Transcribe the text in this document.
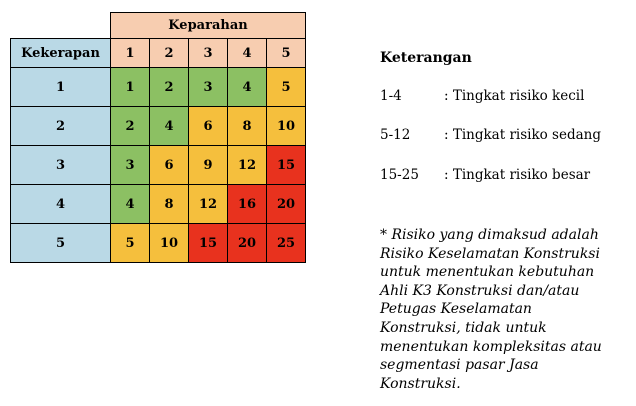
	Keparahan				
Kekerapan	1	2	3	4	5
1	1	2	3	4	5
2	2	4	6	8	10
3	3	6	9	12	15
4	4	8	12	16	20
5	5	10	15	20	25
Keterangan
1-4	: Tingkat risiko kecil
5-12 : Tingkat risiko sedang
15-25 : Tingkat risiko besar
* Risiko yang dimaksud adalah
Risiko Keselamatan Konstruksi
untuk menentukan kebutuhan
Ahli K3 Konstruksi dan/atau
Petugas Keselamatan
Konstruksi, tidak untuk
menentukan kompleksitas atau
segmentasi pasar Jasa
Konstruksi.
